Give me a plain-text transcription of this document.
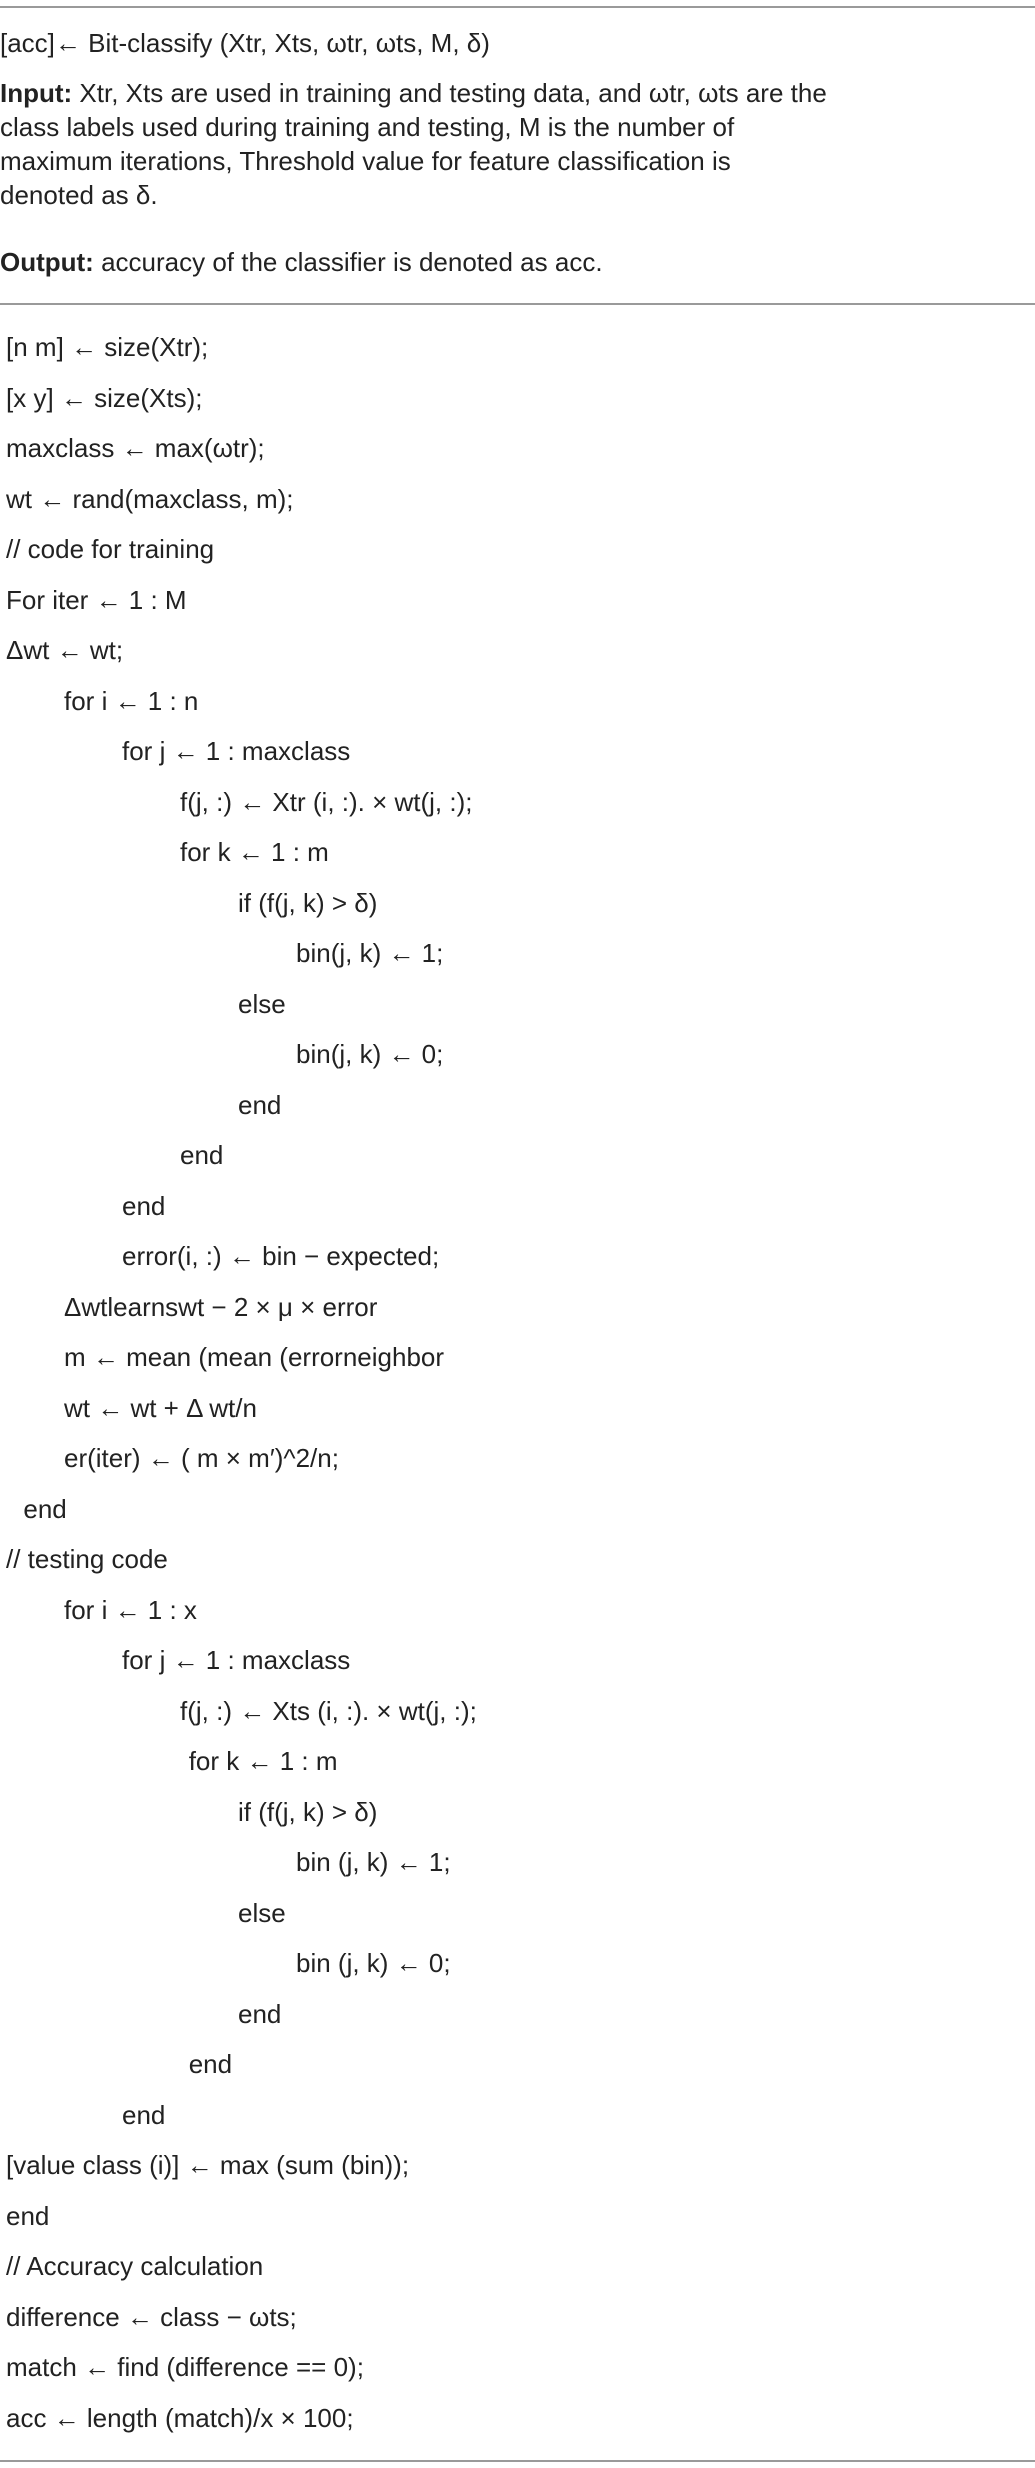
[acc]← Bit-classify (Xtr, Xts, ωtr, ωts, M, δ)
Input: Xtr, Xts are used in training and testing data, and ωtr, ωts are the
class labels used during training and testing, M is the number of
maximum iterations, Threshold value for feature classification is
denoted as δ.
Output: accuracy of the classifier is denoted as acc.
[n m] ← size(Xtr);
[x y] ← size(Xts);
maxclass ← max(ωtr);
wt ← rand(maxclass, m);
// code for training
For iter ← 1 : M
Δwt ← wt;
for i ← 1 : n
for j ← 1 : maxclass
f(j, :) ← Xtr (i, :). × wt(j, :);
for k ← 1 : m
if (f(j, k) > δ)
bin(j, k) ← 1;
else
bin(j, k) ← 0;
end
end
end
error(i, :) ← bin − expected;
Δwtlearnswt − 2 × μ × error
m ← mean (mean (errorneighbor
wt ← wt + Δ wt/n
er(iter) ← ( m × m′)^2/n;
end
// testing code
for i ← 1 : x
for j ← 1 : maxclass
f(j, :) ← Xts (i, :). × wt(j, :);
for k ← 1 : m
if (f(j, k) > δ)
bin (j, k) ← 1;
else
bin (j, k) ← 0;
end
end
end
[value class (i)] ← max (sum (bin));
end
// Accuracy calculation
difference ← class − ωts;
match ← find (difference == 0);
acc ← length (match)/x × 100;
